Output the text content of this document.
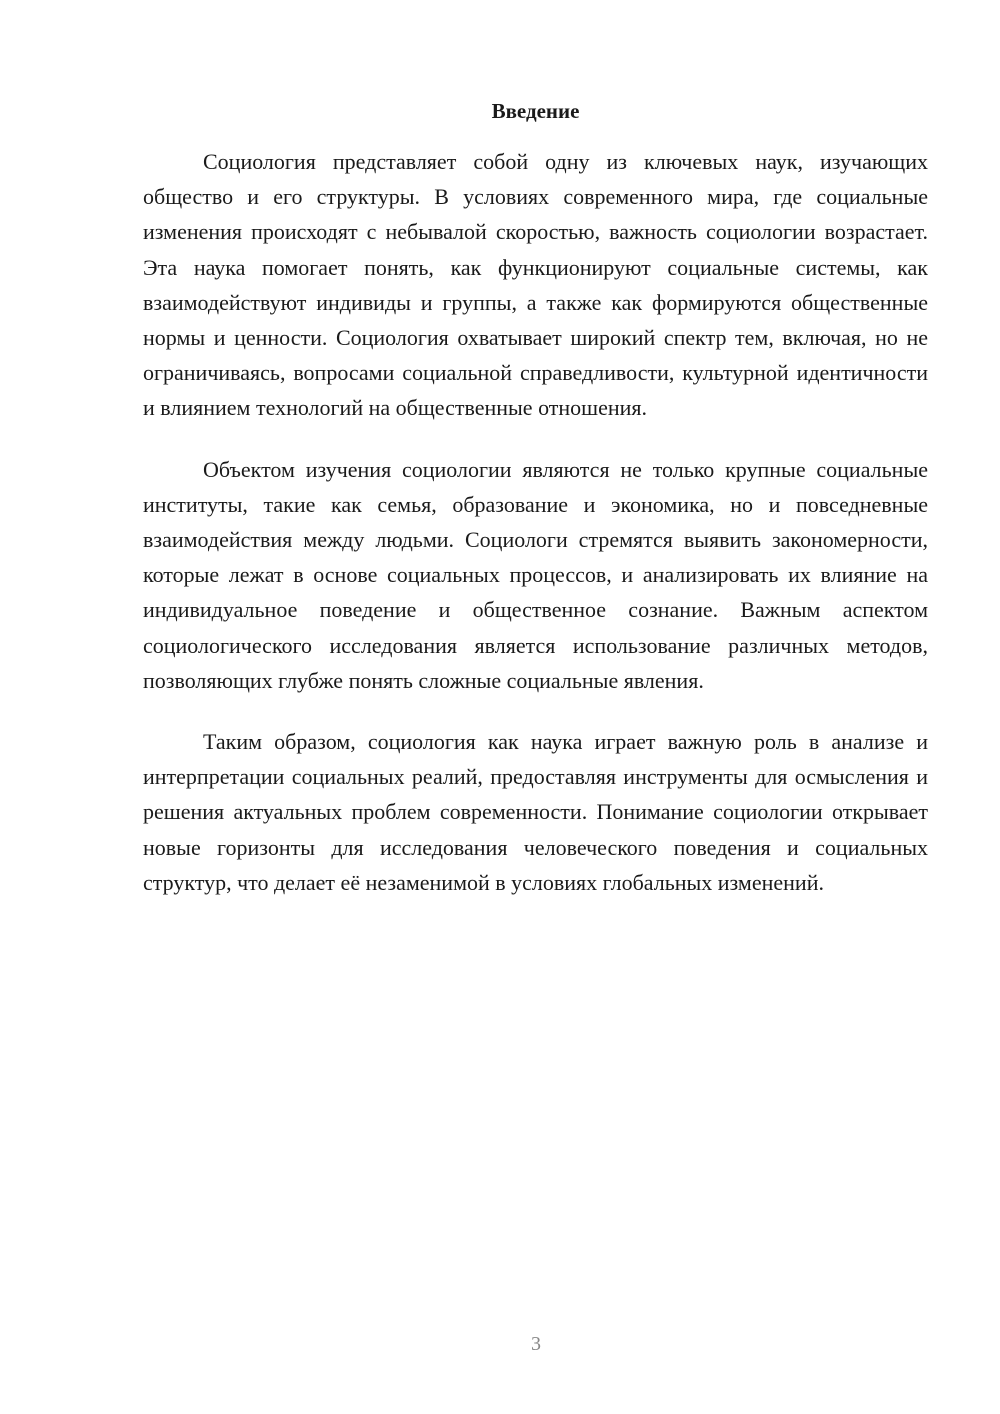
Введение

Социология представляет собой одну из ключевых наук, изучающих общество и его структуры. В условиях современного мира, где социальные изменения происходят с небывалой скоростью, важность социологии возрастает. Эта наука помогает понять, как функционируют социальные системы, как взаимодействуют индивиды и группы, а также как формируются общественные нормы и ценности. Социология охватывает широкий спектр тем, включая, но не ограничиваясь, вопросами социальной справедливости, культурной идентичности и влиянием технологий на общественные отношения.

Объектом изучения социологии являются не только крупные социальные институты, такие как семья, образование и экономика, но и повседневные взаимодействия между людьми. Социологи стремятся выявить закономерности, которые лежат в основе социальных процессов, и анализировать их влияние на индивидуальное поведение и общественное сознание. Важным аспектом социологического исследования является использование различных методов, позволяющих глубже понять сложные социальные явления.

Таким образом, социология как наука играет важную роль в анализе и интерпретации социальных реалий, предоставляя инструменты для осмысления и решения актуальных проблем современности. Понимание социологии открывает новые горизонты для исследования человеческого поведения и социальных структур, что делает её незаменимой в условиях глобальных изменений.

3
